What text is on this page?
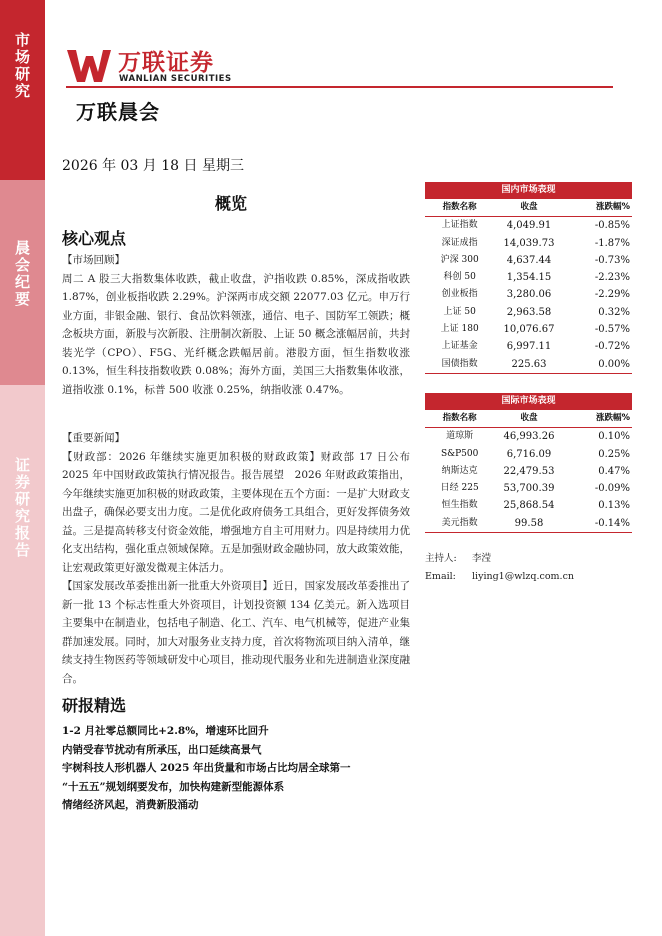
市场研究
晨会纪要
证券研究报告
万联证券
WANLIAN SECURITIES
万联晨会
2026 年 03 月 18 日 星期三
概览
核心观点

【市场回顾】

周二 A 股三大指数集体收跌，截止收盘，沪指收跌 0.85%，深成指收跌 1.87%，创业板指收跌 2.29%。沪深两市成交额 22077.03 亿元。申万行业方面，非银金融、银行、食品饮料领涨，通信、电子、国防军工领跌；概念板块方面，新股与次新股、注册制次新股、上证 50 概念涨幅居前，共封装光学（CPO）、F5G、光纤概念跌幅居前。港股方面，恒生指数收涨 0.13%，恒生科技指数收跌 0.08%；海外方面，美国三大指数集体收涨，道指收涨 0.1%，标普 500 收涨 0.25%，纳指收涨 0.47%。

【重要新闻】

【财政部：2026 年继续实施更加积极的财政政策】财政部 17 日公布 2025 年中国财政政策执行情况报告。报告展望　2026 年财政政策指出，今年继续实施更加积极的财政政策，主要体现在五个方面：一是扩大财政支出盘子，确保必要支出力度。二是优化政府债务工具组合，更好发挥债务效益。三是提高转移支付资金效能，增强地方自主可用财力。四是持续用力优化支出结构，强化重点领域保障。五是加强财政金融协同，放大政策效能，让宏观政策更好激发微观主体活力。

【国家发展改革委推出新一批重大外资项目】近日，国家发展改革委推出了新一批 13 个标志性重大外资项目，计划投资额 134 亿美元。新入选项目主要集中在制造业，包括电子制造、化工、汽车、电气机械等，促进产业集群加速发展。同时，加大对服务业支持力度，首次将物流项目纳入清单，继续支持生物医药等领域研发中心项目，推动现代服务业和先进制造业深度融合。

研报精选
1-2 月社零总额同比+2.8%，增速环比回升
内销受春节扰动有所承压，出口延续高景气
宇树科技人形机器人 2025 年出货量和市场占比均居全球第一
“十五五”规划纲要发布，加快构建新型能源体系
情绪经济风起，消费新股涌动
国内市场表现
指数名称	收盘	涨跌幅%
上证指数	4,049.91	-0.85%
深证成指	14,039.73	-1.87%
沪深 300	4,637.44	-0.73%
科创 50	1,354.15	-2.23%
创业板指	3,280.06	-2.29%
上证 50	2,963.58	0.32%
上证 180	10,076.67	-0.57%
上证基金	6,997.11	-0.72%
国债指数	225.63	0.00%
国际市场表现
指数名称	收盘	涨跌幅%
道琼斯	46,993.26	0.10%
S&P500	6,716.09	0.25%
纳斯达克	22,479.53	0.47%
日经 225	53,700.39	-0.09%
恒生指数	25,868.54	0.13%
美元指数	99.58	-0.14%
主持人: 李滢
Email: liying1@wlzq.com.cn
